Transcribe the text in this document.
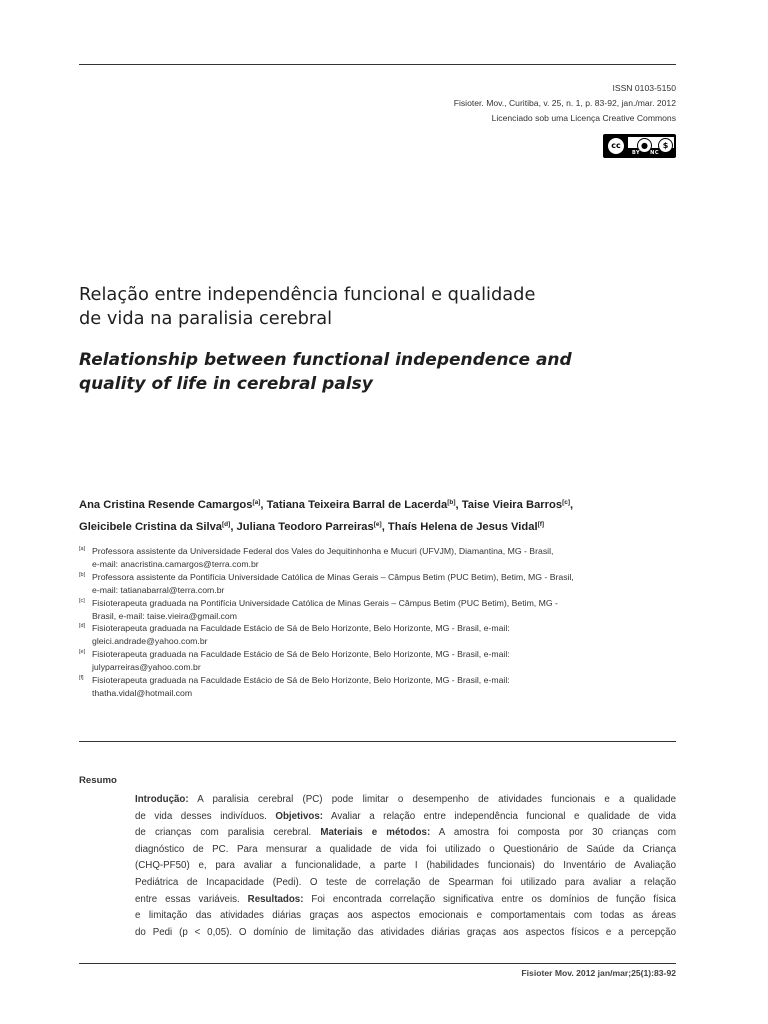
ISSN 0103-5150
Fisioter. Mov., Curitiba, v. 25, n. 1, p. 83-92, jan./mar. 2012
Licenciado sob uma Licença Creative Commons
cc	●	$
BY NC
Relação entre independência funcional e qualidade
de vida na paralisia cerebral
Relationship between functional independence and
quality of life in cerebral palsy
Ana Cristina Resende Camargos[a], Tatiana Teixeira Barral de Lacerda[b], Taise Vieira Barros[c],
Gleicibele Cristina da Silva[d], Juliana Teodoro Parreiras[e], Thaís Helena de Jesus Vidal[f]
[a] Professora assistente da Universidade Federal dos Vales do Jequitinhonha e Mucuri (UFVJM), Diamantina, MG - Brasil,
e-mail: anacristina.camargos@terra.com.br
[b] Professora assistente da Pontifícia Universidade Católica de Minas Gerais – Câmpus Betim (PUC Betim), Betim, MG - Brasil,
e-mail: tatianabarral@terra.com.br
[c] Fisioterapeuta graduada na Pontifícia Universidade Católica de Minas Gerais – Câmpus Betim (PUC Betim), Betim, MG -
Brasil, e-mail: taise.vieira@gmail.com
[d] Fisioterapeuta graduada na Faculdade Estácio de Sá de Belo Horizonte, Belo Horizonte, MG - Brasil, e-mail:
gleici.andrade@yahoo.com.br
[e] Fisioterapeuta graduada na Faculdade Estácio de Sá de Belo Horizonte, Belo Horizonte, MG - Brasil, e-mail:
julyparreiras@yahoo.com.br
[f] Fisioterapeuta graduada na Faculdade Estácio de Sá de Belo Horizonte, Belo Horizonte, MG - Brasil, e-mail:
thatha.vidal@hotmail.com
Resumo
Introdução: A paralisia cerebral (PC) pode limitar o desempenho de atividades funcionais e a qualidade
de vida desses indivíduos. Objetivos: Avaliar a relação entre independência funcional e qualidade de vida
de crianças com paralisia cerebral. Materiais e métodos: A amostra foi composta por 30 crianças com
diagnóstico de PC. Para mensurar a qualidade de vida foi utilizado o Questionário de Saúde da Criança
(CHQ-PF50) e, para avaliar a funcionalidade, a parte I (habilidades funcionais) do Inventário de Avaliação
Pediátrica de Incapacidade (Pedi). O teste de correlação de Spearman foi utilizado para avaliar a relação
entre essas variáveis. Resultados: Foi encontrada correlação significativa entre os domínios de função física
e limitação das atividades diárias graças aos aspectos emocionais e comportamentais com todas as áreas
do Pedi (p < 0,05). O domínio de limitação das atividades diárias graças aos aspectos físicos e a percepção
Fisioter Mov. 2012 jan/mar;25(1):83-92
